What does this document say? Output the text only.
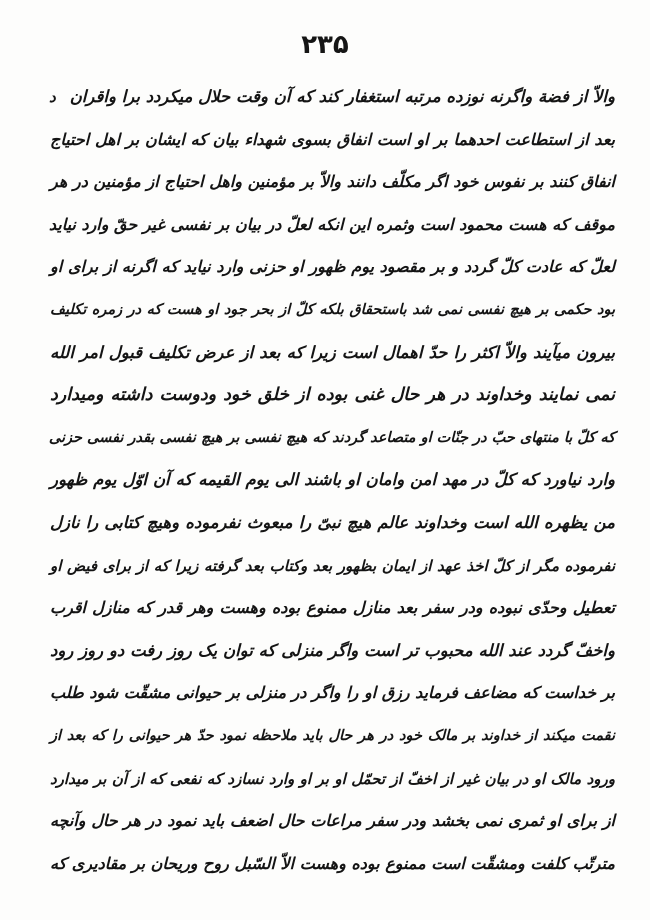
۲۳۵
والاّ از فضة واگرنه نوزده مرتبه استغفار کند که آن وقت حلال میکردد برا واقراند
بعد از استطاعت احدهما بر او است انفاق بسوی شهداء بیان که ایشان بر اهل احتیاج
انفاق کنند بر نفوس خود اگر مکلّف دانند والاّ بر مؤمنین واهل احتیاج از مؤمنین در هر
موقف که هست محمود است وثمره این انکه لعلّ در بیان بر نفسی غیر حقّ وارد نیاید
لعلّ که عادت کلّ گردد و بر مقصود یوم ظهور او حزنی وارد نیاید که اگرنه از برای او
بود حکمی بر هیچ نفسی نمی شد باستحقاق بلکه کلّ از بحر جود او هست که در زمره تکلیف
بیرون میآیند والاّ اکثر را حدّ اهمال است زیرا که بعد از عرض تکلیف قبول امر الله
نمی نمایند وخداوند در هر حال غنی بوده از خلق خود ودوست داشته ومیدارد
که کلّ با منتهای حبّ در جنّات او متصاعد گردند که هیچ نفسی بر هیچ نفسی بقدر نفسی حزنی
وارد نیاورد که کلّ در مهد امن وامان او باشند الی یوم القیمه که آن اوّل یوم ظهور
من یظهره الله است وخداوند عالم هیچ نبیّ را مبعوث نفرموده وهیچ کتابی را نازل
نفرموده مگر از کلّ اخذ عهد از ایمان بظهور بعد وکتاب بعد گرفته زیرا که از برای فیض او
تعطیل وحدّی نبوده ودر سفر بعد منازل ممنوع بوده وهست وهر قدر که منازل اقرب
واخفّ گردد عند الله محبوب تر است واگر منزلی که توان یک روز رفت دو روز رود
بر خداست که مضاعف فرماید رزق او را واگر در منزلی بر حیوانی مشقّت شود طلب
نقمت میکند از خداوند بر مالک خود در هر حال باید ملاحظه نمود حدّ هر حیوانی را که بعد از
ورود مالک او در بیان غیر از اخفّ از تحمّل او بر او وارد نسازد که نفعی که از آن بر میدارد
از برای او ثمری نمی بخشد ودر سفر مراعات حال اضعف باید نمود در هر حال وآنچه
مترتّب کلفت ومشقّت است ممنوع بوده وهست الاّ السّبل روح وریحان بر مقادیری که
